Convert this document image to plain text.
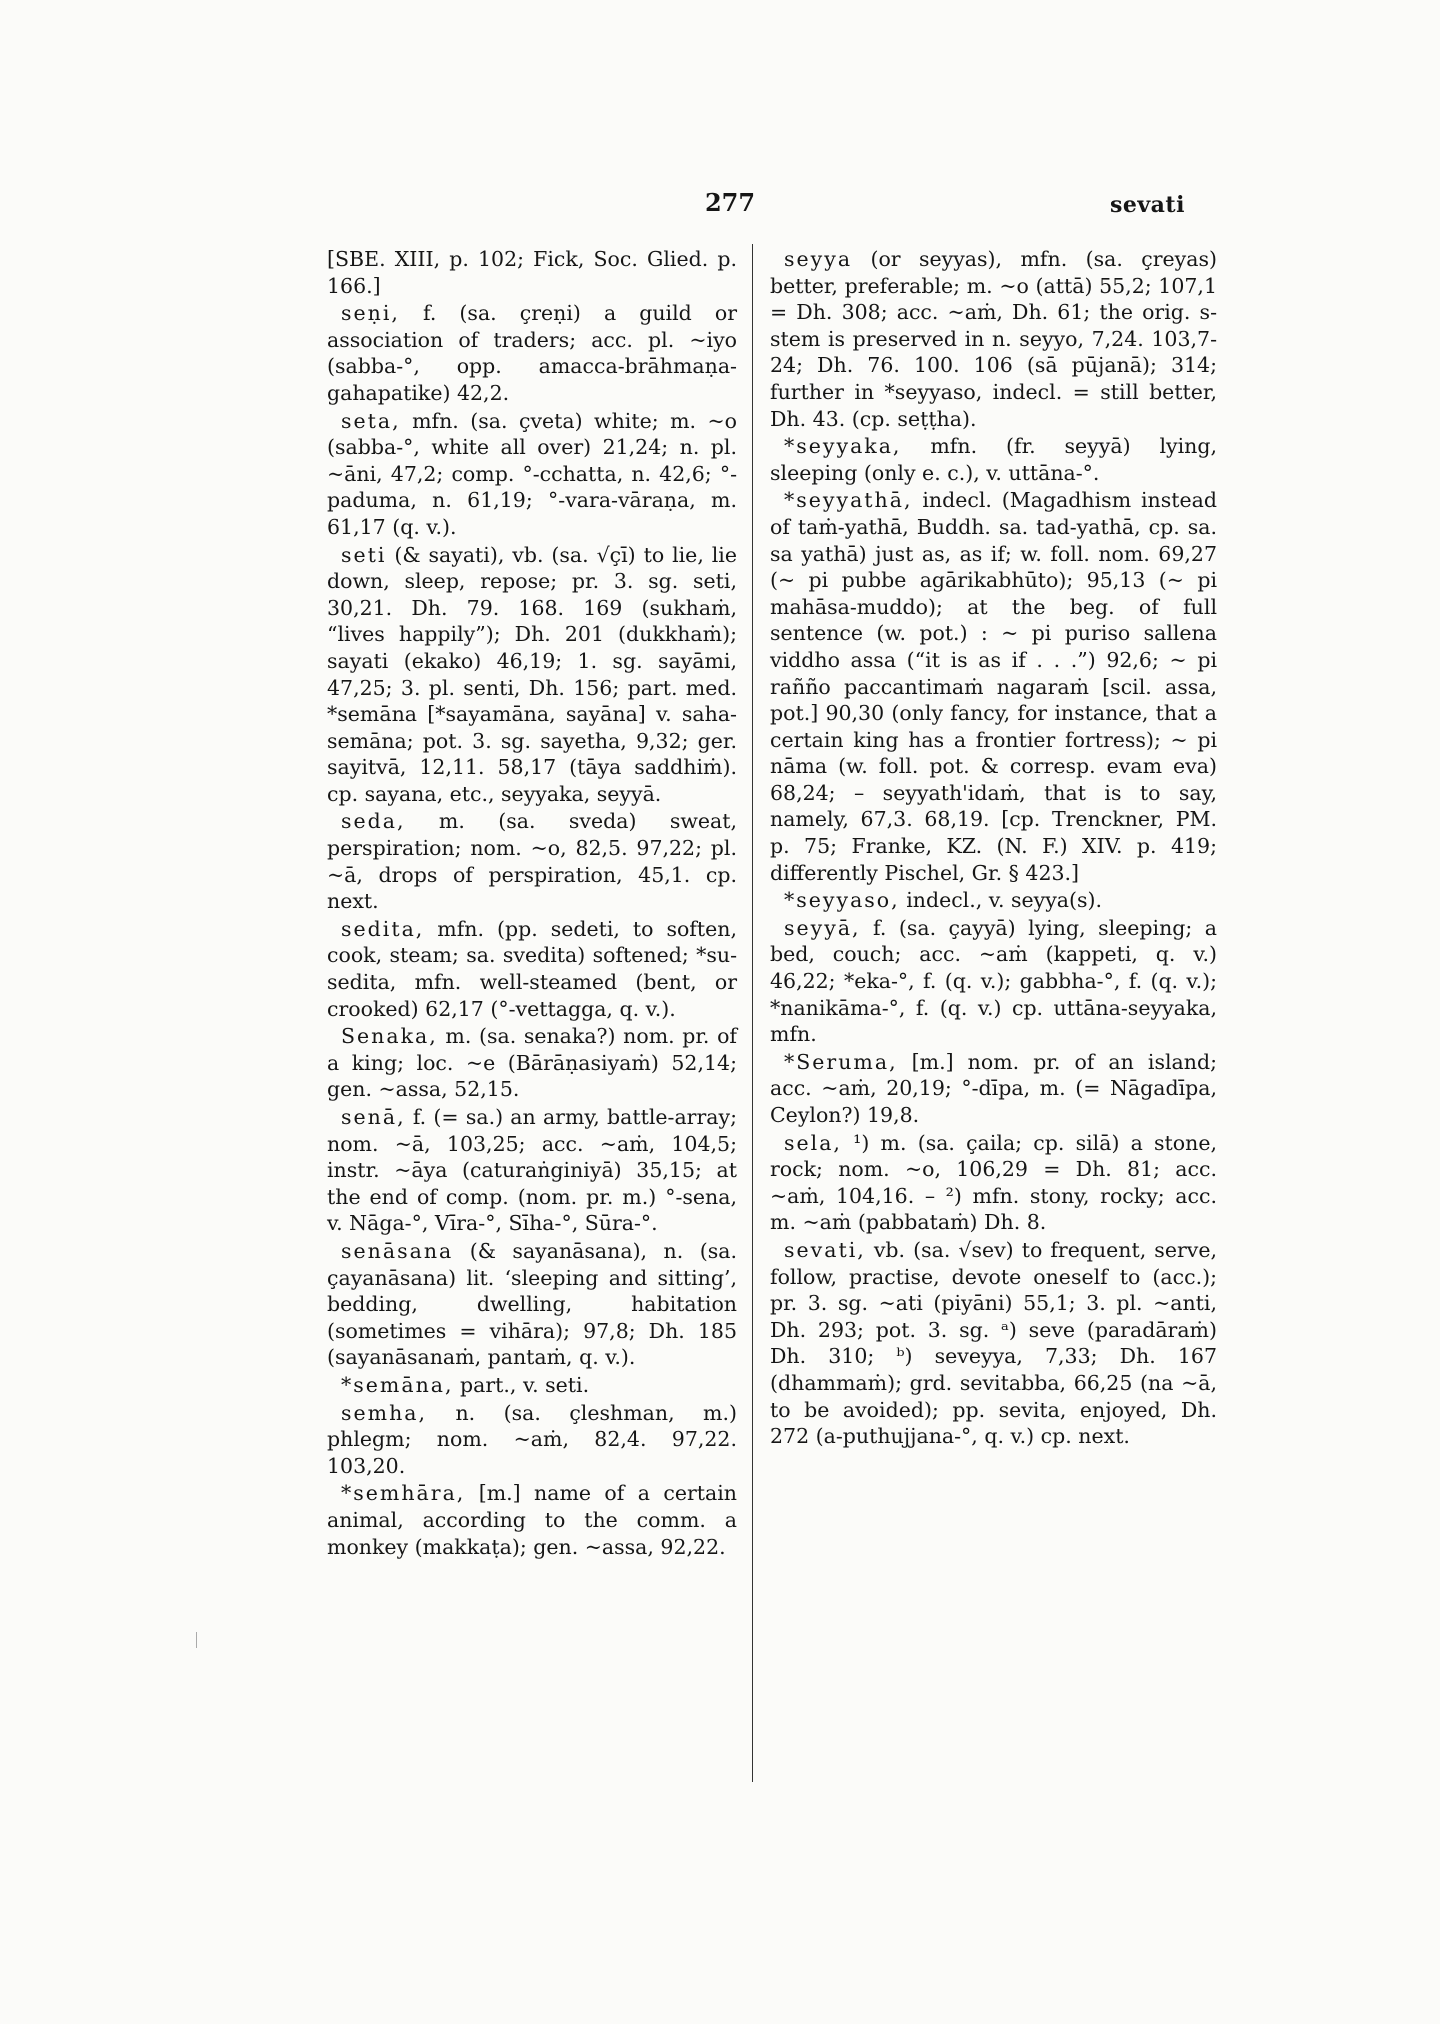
277	sevati

[SBE. XIII, p. 102; Fick, Soc. Glied. p. 166.]

seṇi, f. (sa. çreṇi) a guild or association of traders; acc. pl. ~iyo (sabba-°, opp. amacca-brāhmaṇa-gahapatike) 42,2.

seta, mfn. (sa. çveta) white; m. ~o (sabba-°, white all over) 21,24; n. pl. ~āni, 47,2; comp. °-cchatta, n. 42,6; °-paduma, n. 61,19; °-vara-vāraṇa, m. 61,17 (q. v.).

seti (& sayati), vb. (sa. √çī) to lie, lie down, sleep, repose; pr. 3. sg. seti, 30,21. Dh. 79. 168. 169 (sukhaṁ, “lives happily”); Dh. 201 (dukkhaṁ); sayati (ekako) 46,19; 1. sg. sayāmi, 47,25; 3. pl. senti, Dh. 156; part. med. *semāna [*sayamāna, sayāna] v. saha-semāna; pot. 3. sg. sayetha, 9,32; ger. sayitvā, 12,11. 58,17 (tāya saddhiṁ). cp. sayana, etc., seyyaka, seyyā.

seda, m. (sa. sveda) sweat, perspiration; nom. ~o, 82,5. 97,22; pl. ~ā, drops of perspiration, 45,1. cp. next.

sedita, mfn. (pp. sedeti, to soften, cook, steam; sa. svedita) softened; *su-sedita, mfn. well-steamed (bent, or crooked) 62,17 (°-vettagga, q. v.).

Senaka, m. (sa. senaka?) nom. pr. of a king; loc. ~e (Bārāṇasiyaṁ) 52,14; gen. ~assa, 52,15.

senā, f. (= sa.) an army, battle-array; nom. ~ā, 103,25; acc. ~aṁ, 104,5; instr. ~āya (caturaṅginiyā) 35,15; at the end of comp. (nom. pr. m.) °-sena, v. Nāga-°, Vīra-°, Sīha-°, Sūra-°.

senāsana (& sayanāsana), n. (sa. çayanāsana) lit. ‘sleeping and sitting’, bedding, dwelling, habitation (sometimes = vihāra); 97,8; Dh. 185 (sayanāsanaṁ, pantaṁ, q. v.).

*semāna, part., v. seti.

semha, n. (sa. çleshman, m.) phlegm; nom. ~aṁ, 82,4. 97,22. 103,20.

*semhāra, [m.] name of a certain animal, according to the comm. a monkey (makkaṭa); gen. ~assa, 92,22.

seyya (or seyyas), mfn. (sa. çreyas) better, preferable; m. ~o (attā) 55,2; 107,1 = Dh. 308; acc. ~aṁ, Dh. 61; the orig. s-stem is preserved in n. seyyo, 7,24. 103,7-24; Dh. 76. 100. 106 (sā pūjanā); 314; further in *seyyaso, indecl. = still better, Dh. 43. (cp. seṭṭha).

*seyyaka, mfn. (fr. seyyā) lying, sleeping (only e. c.), v. uttāna-°.

*seyyathā, indecl. (Magadhism instead of taṁ-yathā, Buddh. sa. tad-yathā, cp. sa. sa yathā) just as, as if; w. foll. nom. 69,27 (~ pi pubbe agārikabhūto); 95,13 (~ pi mahāsa-muddo); at the beg. of full sentence (w. pot.) : ~ pi puriso sallena viddho assa (“it is as if . . .”) 92,6; ~ pi rañño paccantimaṁ nagaraṁ [scil. assa, pot.] 90,30 (only fancy, for instance, that a certain king has a frontier fortress); ~ pi nāma (w. foll. pot. & corresp. evam eva) 68,24; – seyyath'idaṁ, that is to say, namely, 67,3. 68,19. [cp. Trenckner, PM. p. 75; Franke, KZ. (N. F.) XIV. p. 419; differently Pischel, Gr. § 423.]

*seyyaso, indecl., v. seyya(s).

seyyā, f. (sa. çayyā) lying, sleeping; a bed, couch; acc. ~aṁ (kappeti, q. v.) 46,22; *eka-°, f. (q. v.); gabbha-°, f. (q. v.); *nanikāma-°, f. (q. v.) cp. uttāna-seyyaka, mfn.

*Seruma, [m.] nom. pr. of an island; acc. ~aṁ, 20,19; °-dīpa, m. (= Nāgadīpa, Ceylon?) 19,8.

sela, ¹) m. (sa. çaila; cp. silā) a stone, rock; nom. ~o, 106,29 = Dh. 81; acc. ~aṁ, 104,16. – ²) mfn. stony, rocky; acc. m. ~aṁ (pabbataṁ) Dh. 8.

sevati, vb. (sa. √sev) to frequent, serve, follow, practise, devote oneself to (acc.); pr. 3. sg. ~ati (piyāni) 55,1; 3. pl. ~anti, Dh. 293; pot. 3. sg. ᵃ) seve (paradāraṁ) Dh. 310; ᵇ) seveyya, 7,33; Dh. 167 (dhammaṁ); grd. sevitabba, 66,25 (na ~ā, to be avoided); pp. sevita, enjoyed, Dh. 272 (a-puthujjana-°, q. v.) cp. next.
